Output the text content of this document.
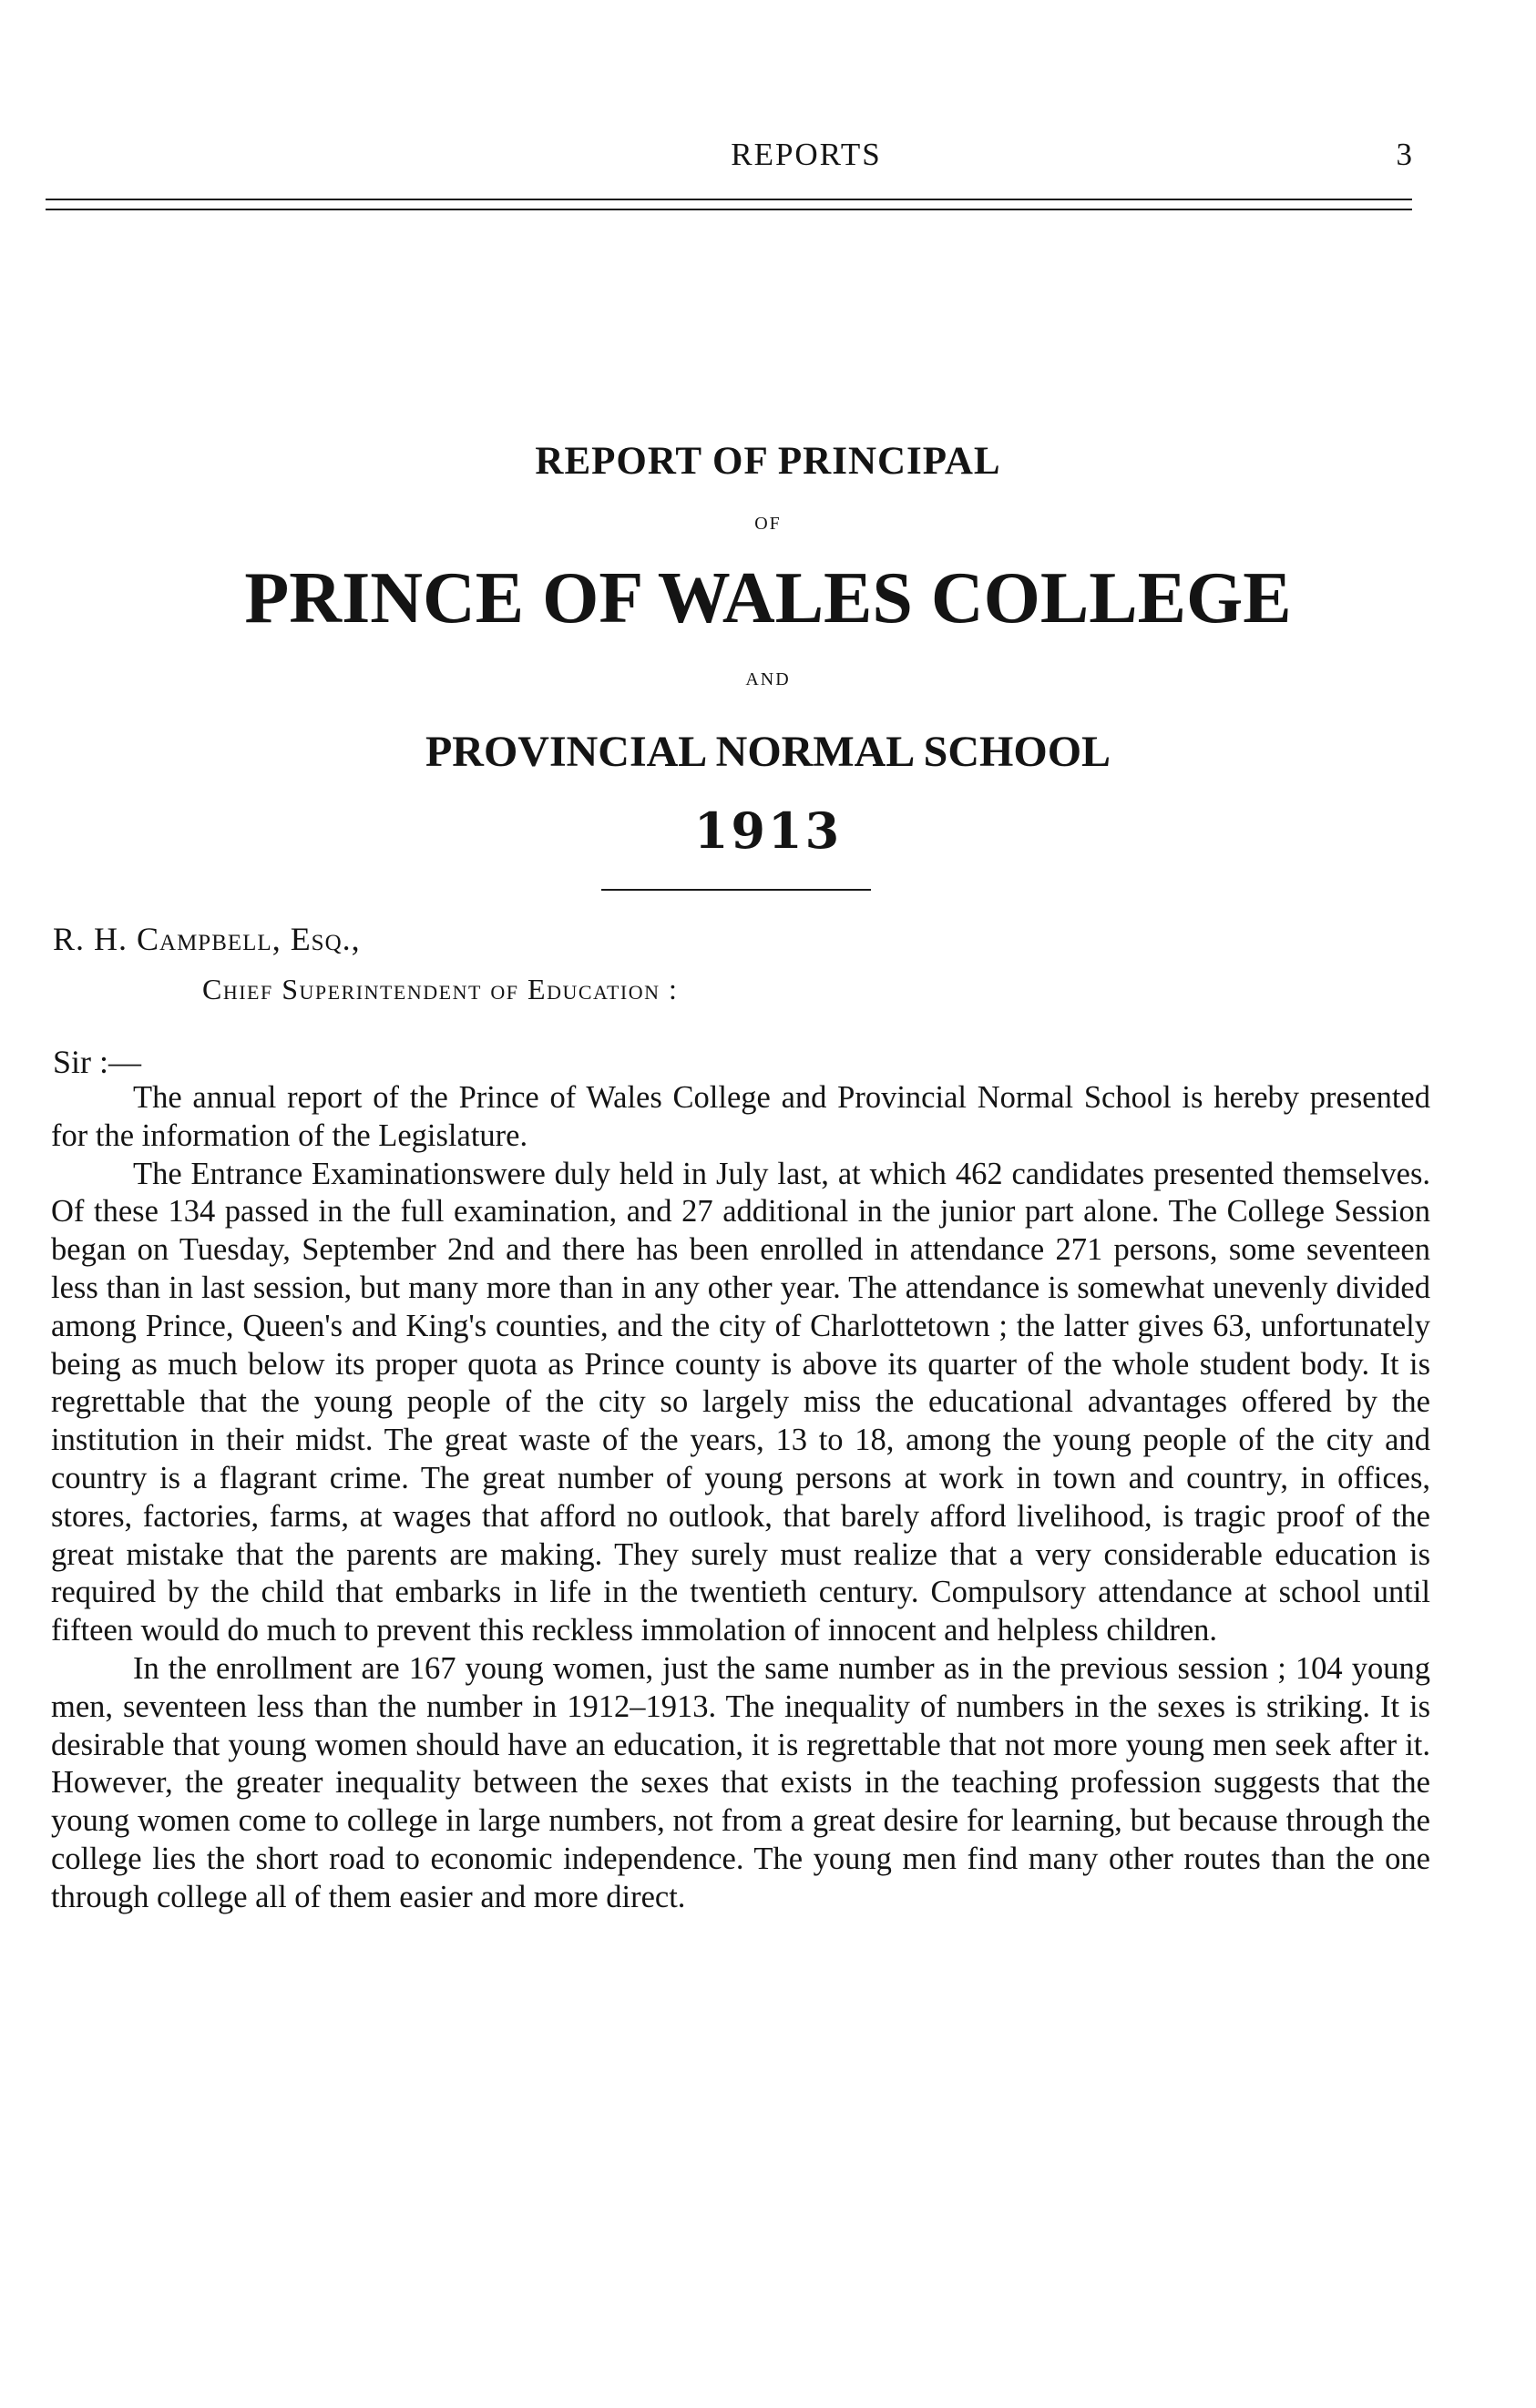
REPORTS	3
REPORT OF PRINCIPAL
OF
PRINCE OF WALES COLLEGE
AND
PROVINCIAL NORMAL SCHOOL
1913
R. H. Campbell, Esq.,
Chief Superintendent of Education :
Sir :—

The annual report of the Prince of Wales College and Provincial Normal School is hereby presented for the information of the Legislature.

The Entrance Examinationswere duly held in July last, at which 462 candidates presented themselves. Of these 134 passed in the full examination, and 27 additional in the junior part alone. The College Session began on Tuesday, September 2nd and there has been enrolled in attendance 271 persons, some seventeen less than in last session, but many more than in any other year. The attendance is somewhat unevenly divided among Prince, Queen's and King's counties, and the city of Charlottetown ; the latter gives 63, unfortunately being as much below its proper quota as Prince county is above its quarter of the whole student body. It is regrettable that the young people of the city so largely miss the educational advantages offered by the institution in their midst. The great waste of the years, 13 to 18, among the young people of the city and country is a flagrant crime. The great number of young persons at work in town and country, in offices, stores, factories, farms, at wages that afford no outlook, that barely afford livelihood, is tragic proof of the great mistake that the parents are making. They surely must realize that a very considerable education is required by the child that embarks in life in the twentieth century. Compulsory attendance at school until fifteen would do much to prevent this reckless immolation of innocent and helpless children.

In the enrollment are 167 young women, just the same number as in the previous session ; 104 young men, seventeen less than the number in 1912–1913. The inequality of numbers in the sexes is striking. It is desirable that young women should have an education, it is regrettable that not more young men seek after it. However, the greater inequality between the sexes that exists in the teaching profession suggests that the young women come to college in large numbers, not from a great desire for learning, but because through the college lies the short road to economic independence. The young men find many other routes than the one through college all of them easier and more direct.
